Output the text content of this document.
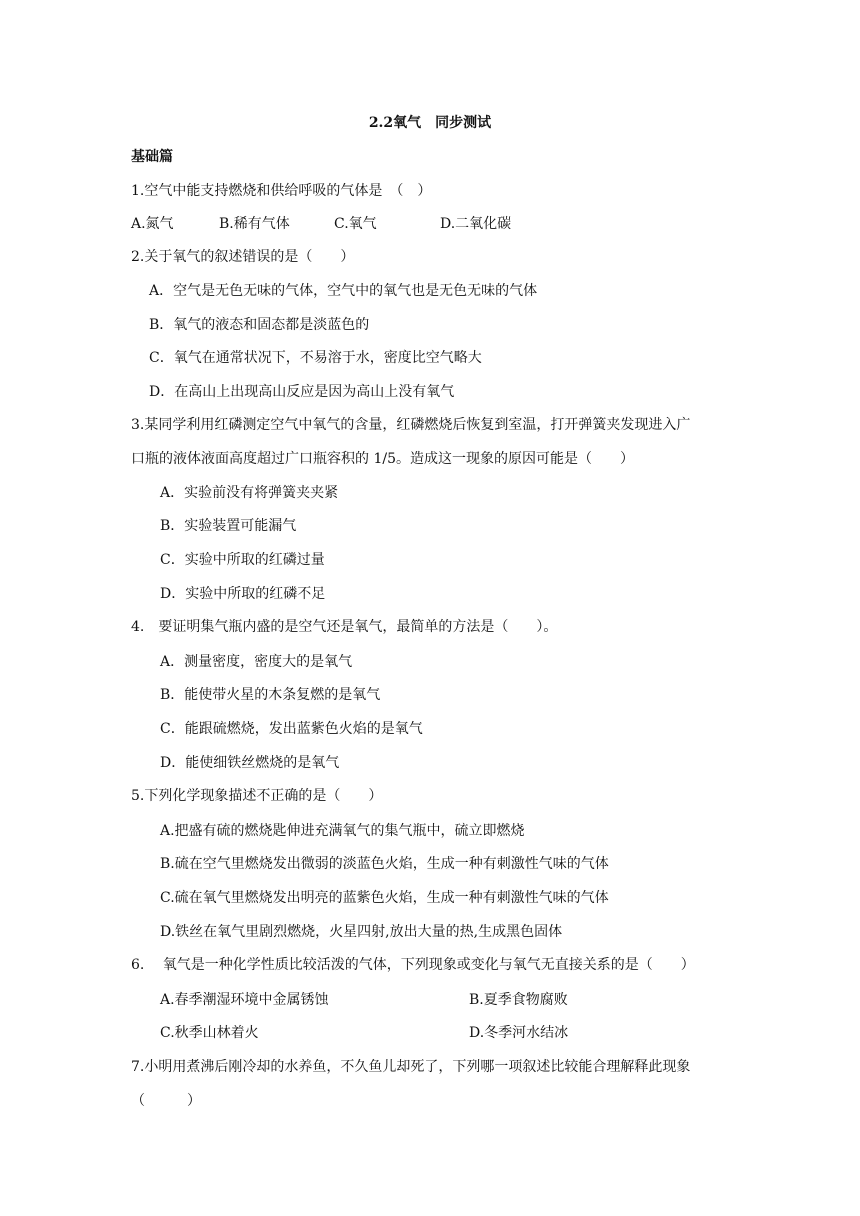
2.2氧气　同步测试
基础篇
1.空气中能支持燃烧和供给呼吸的气体是　（　）
A.氮气	B.稀有气体	C.氧气	D.二氧化碳
2.关于氧气的叙述错误的是（　　）
A．空气是无色无味的气体，空气中的氧气也是无色无味的气体
B．氧气的液态和固态都是淡蓝色的
C．氧气在通常状况下，不易溶于水，密度比空气略大
D．在高山上出现高山反应是因为高山上没有氧气
3.某同学利用红磷测定空气中氧气的含量，红磷燃烧后恢复到室温，打开弹簧夹发现进入广
口瓶的液体液面高度超过广口瓶容积的 1/5。造成这一现象的原因可能是（　　）
A．实验前没有将弹簧夹夹紧
B．实验装置可能漏气
C．实验中所取的红磷过量
D．实验中所取的红磷不足
4.　要证明集气瓶内盛的是空气还是氧气，最简单的方法是（　　）。
A．测量密度，密度大的是氧气
B．能使带火星的木条复燃的是氧气
C．能跟硫燃烧，发出蓝紫色火焰的是氧气
D．能使细铁丝燃烧的是氧气
5.下列化学现象描述不正确的是（　　）
A.把盛有硫的燃烧匙伸进充满氧气的集气瓶中，硫立即燃烧
B.硫在空气里燃烧发出微弱的淡蓝色火焰，生成一种有刺激性气味的气体
C.硫在氧气里燃烧发出明亮的蓝紫色火焰，生成一种有刺激性气味的气体
D.铁丝在氧气里剧烈燃烧，火星四射,放出大量的热,生成黑色固体
6.　 氧气是一种化学性质比较活泼的气体，下列现象或变化与氧气无直接关系的是（　　）
A.春季潮湿环境中金属锈蚀	B.夏季食物腐败
C.秋季山林着火	D.冬季河水结冰
7.小明用煮沸后刚冷却的水养鱼，不久鱼儿却死了，下列哪一项叙述比较能合理解释此现象
（　　　）
